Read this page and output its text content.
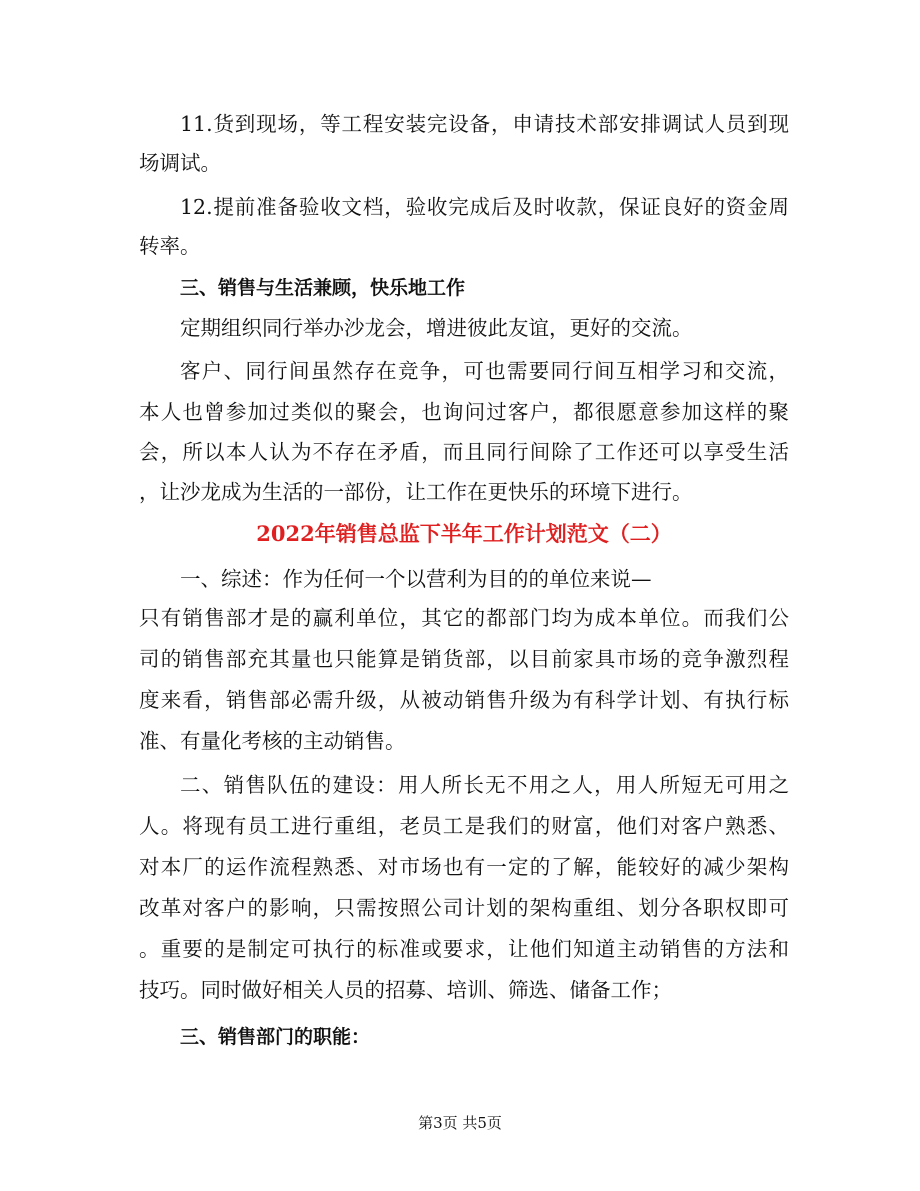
11.货到现场，等工程安装完设备，申请技术部安排调试人员到现
场调试。
12.提前准备验收文档，验收完成后及时收款，保证良好的资金周
转率。
三、销售与生活兼顾，快乐地工作
定期组织同行举办沙龙会，增进彼此友谊，更好的交流。
客户、同行间虽然存在竞争，可也需要同行间互相学习和交流，
本人也曾参加过类似的聚会，也询问过客户，都很愿意参加这样的聚
会，所以本人认为不存在矛盾，而且同行间除了工作还可以享受生活
，让沙龙成为生活的一部份，让工作在更快乐的环境下进行。
2022年销售总监下半年工作计划范文（二）
一、综述：作为任何一个以营利为目的的单位来说—
只有销售部才是的赢利单位，其它的都部门均为成本单位。而我们公
司的销售部充其量也只能算是销货部，以目前家具市场的竞争激烈程
度来看，销售部必需升级，从被动销售升级为有科学计划、有执行标
准、有量化考核的主动销售。
二、销售队伍的建设：用人所长无不用之人，用人所短无可用之
人。将现有员工进行重组，老员工是我们的财富，他们对客户熟悉、
对本厂的运作流程熟悉、对市场也有一定的了解，能较好的减少架构
改革对客户的影响，只需按照公司计划的架构重组、划分各职权即可
。重要的是制定可执行的标准或要求，让他们知道主动销售的方法和
技巧。同时做好相关人员的招募、培训、筛选、储备工作；
三、销售部门的职能：
第3页 共5页
